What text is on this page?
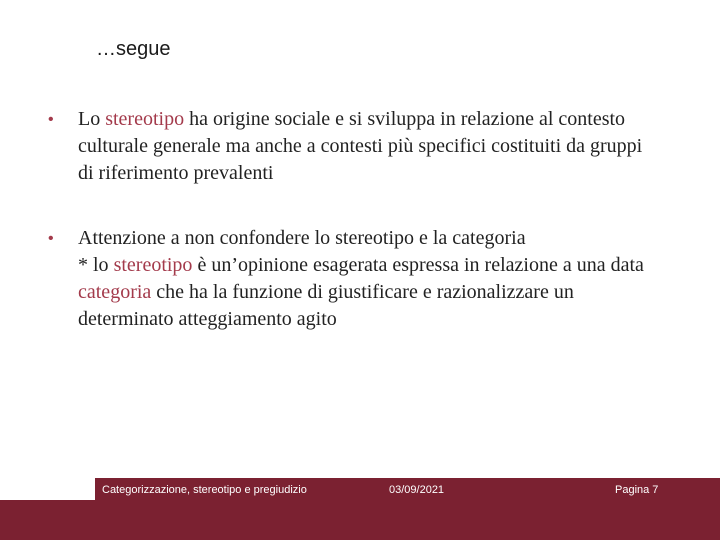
…segue
•	Lo stereotipo ha origine sociale e si sviluppa in relazione al contesto culturale generale ma anche a contesti più specifici costituiti da gruppi di riferimento prevalenti
•	Attenzione a non confondere lo stereotipo e la categoria
* lo stereotipo è un’opinione esagerata espressa in relazione a una data categoria che ha la funzione di giustificare e razionalizzare un determinato atteggiamento agito
Categorizzazione, stereotipo e pregiudizio	03/09/2021	Pagina 7
